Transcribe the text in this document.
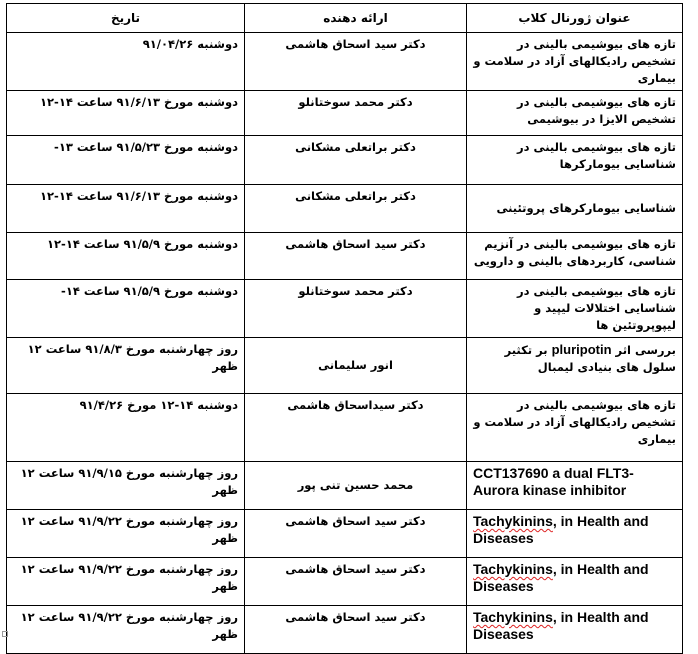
عنوان ژورنال کلاب	ارائه دهنده	تاریخ
تازه های بیوشیمی بالینی در تشخیص رادیکالهای آزاد در سلامت و بیماری	دکتر سید اسحاق هاشمی	دوشنبه ۹۱/۰۴/۲۶
تازه های بیوشیمی بالینی در تشخیص الایزا در بیوشیمی	دکتر محمد سوختانلو	دوشنبه مورخ ۹۱/۶/۱۳ ساعت ۱۴-۱۲
تازه های بیوشیمی بالینی در شناسایی بیومارکرها	دکتر براتعلی مشکانی	دوشنبه مورخ ۹۱/۵/۲۳ ساعت ۱۳-
شناسایی بیومارکرهای پروتئینی	دکتر براتعلی مشکانی	دوشنبه مورخ ۹۱/۶/۱۳ ساعت ۱۴-۱۲
تازه های بیوشیمی بالینی در آنزیم شناسی، کاربردهای بالینی و دارویی	دکتر سید اسحاق هاشمی	دوشنبه مورخ ۹۱/۵/۹ ساعت ۱۴-۱۲
تازه های بیوشیمی بالینی در شناسایی اختلالات لیپید و لیپوپروتئین ها	دکتر محمد سوختانلو	دوشنبه مورخ ۹۱/۵/۹ ساعت ۱۴-
بررسی اثر pluripotin بر تکثیر سلول های بنیادی لیمبال	انور سلیمانی	روز چهارشنبه مورخ ۹۱/۸/۳ ساعت ۱۲ ظهر
تازه های بیوشیمی بالینی در تشخیص رادیکالهای آزاد در سلامت و بیماری	دکتر سیداسحاق هاشمی	دوشنبه ۱۴-۱۲ مورخ ۹۱/۴/۲۶
CCT137690 a dual FLT3-Aurora kinase inhibitor	محمد حسین تنی پور	روز چهارشنبه مورخ ۹۱/۹/۱۵ ساعت ۱۲ ظهر
Tachykinins, in Health and Diseases	دکتر سید اسحاق هاشمی	روز چهارشنبه مورخ ۹۱/۹/۲۲ ساعت ۱۲ ظهر
Tachykinins, in Health and Diseases	دکتر سید اسحاق هاشمی	روز چهارشنبه مورخ ۹۱/۹/۲۲ ساعت ۱۲ ظهر
Tachykinins, in Health and Diseases	دکتر سید اسحاق هاشمی	روز چهارشنبه مورخ ۹۱/۹/۲۲ ساعت ۱۲ ظهر
